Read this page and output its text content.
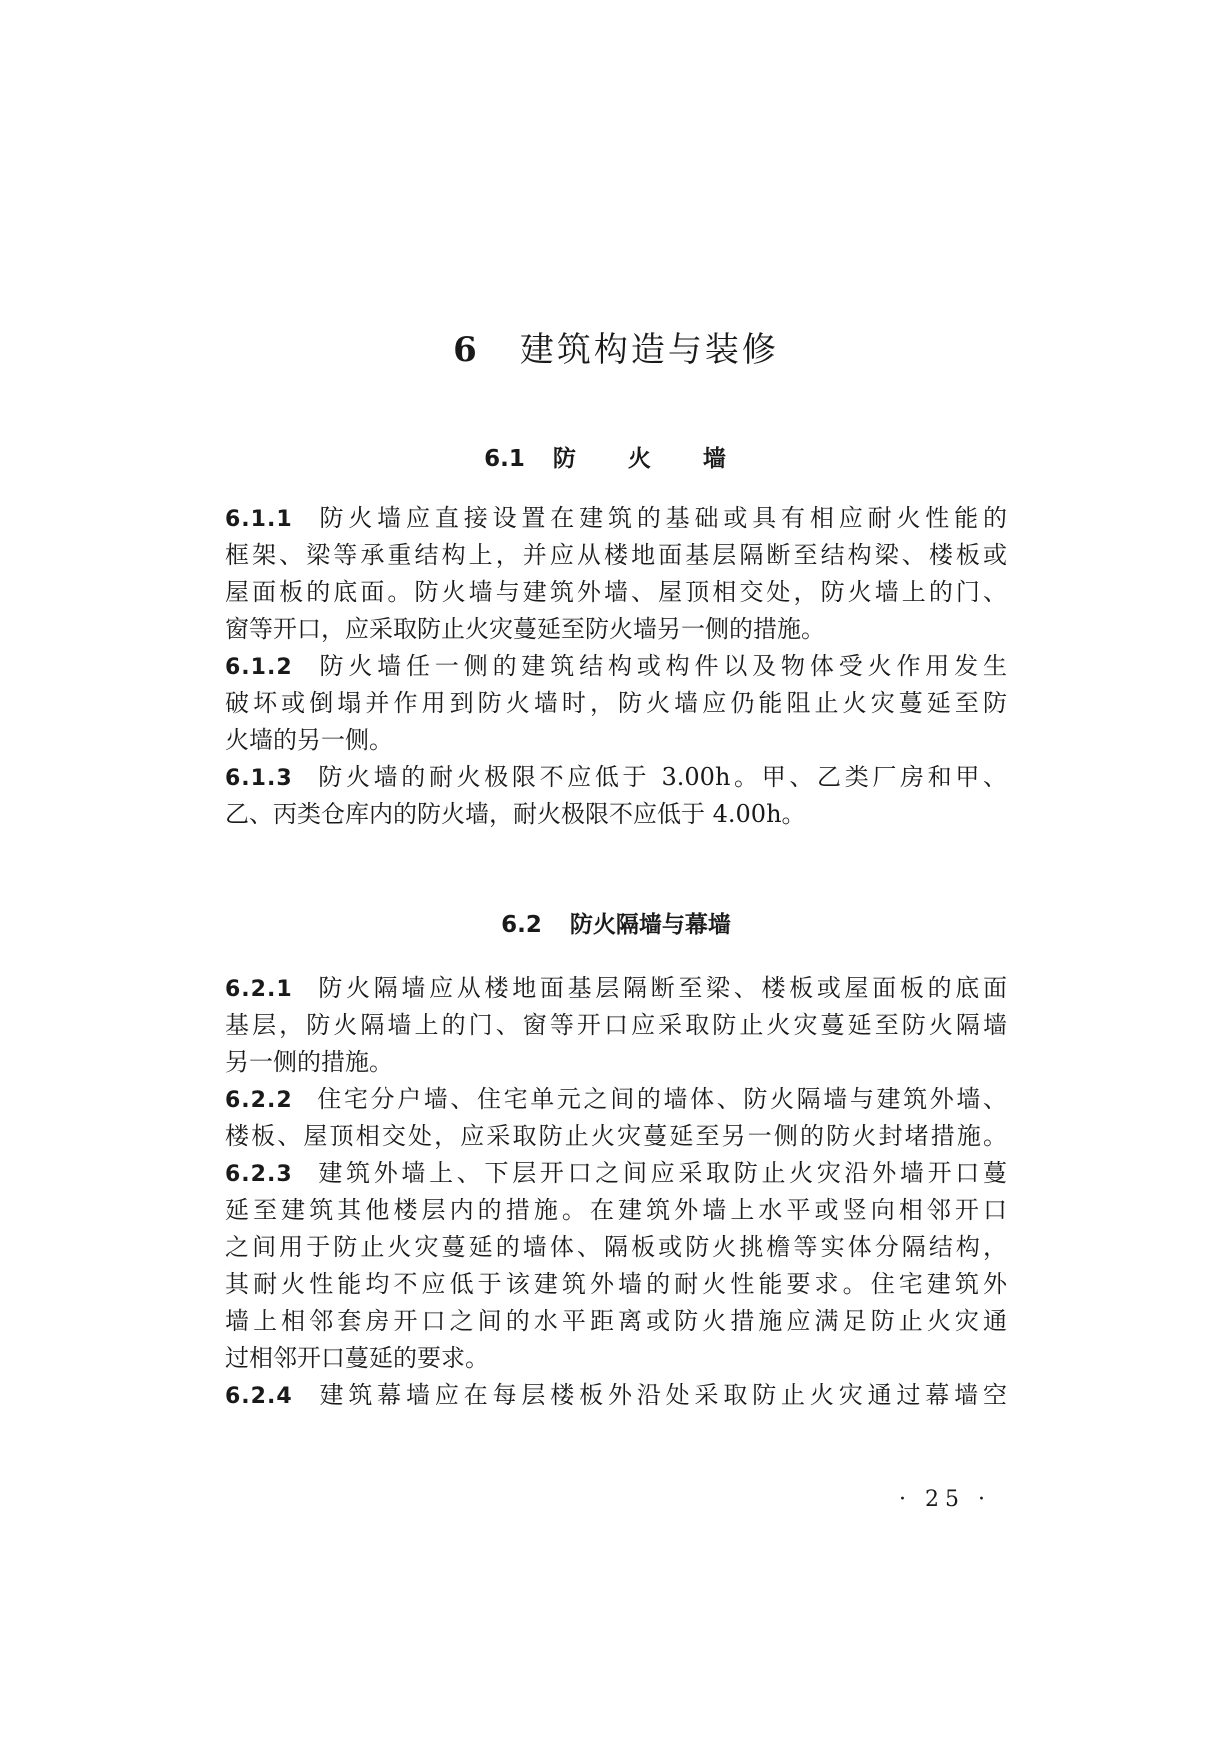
6 建筑构造与装修
6.1 防 火 墙
6.1.1 防火墙应直接设置在建筑的基础或具有相应耐火性能的
框架、梁等承重结构上，并应从楼地面基层隔断至结构梁、楼板或
屋面板的底面。防火墙与建筑外墙、屋顶相交处，防火墙上的门、
窗等开口，应采取防止火灾蔓延至防火墙另一侧的措施。
6.1.2 防火墙任一侧的建筑结构或构件以及物体受火作用发生
破坏或倒塌并作用到防火墙时，防火墙应仍能阻止火灾蔓延至防
火墙的另一侧。
6.1.3 防火墙的耐火极限不应低于 3.00h。甲、乙类厂房和甲、
乙、丙类仓库内的防火墙，耐火极限不应低于 4.00h。
6.2 防火隔墙与幕墙
6.2.1 防火隔墙应从楼地面基层隔断至梁、楼板或屋面板的底面
基层，防火隔墙上的门、窗等开口应采取防止火灾蔓延至防火隔墙
另一侧的措施。
6.2.2 住宅分户墙、住宅单元之间的墙体、防火隔墙与建筑外墙、
楼板、屋顶相交处，应采取防止火灾蔓延至另一侧的防火封堵措施。
6.2.3 建筑外墙上、下层开口之间应采取防止火灾沿外墙开口蔓
延至建筑其他楼层内的措施。在建筑外墙上水平或竖向相邻开口
之间用于防止火灾蔓延的墙体、隔板或防火挑檐等实体分隔结构，
其耐火性能均不应低于该建筑外墙的耐火性能要求。住宅建筑外
墙上相邻套房开口之间的水平距离或防火措施应满足防止火灾通
过相邻开口蔓延的要求。
6.2.4 建筑幕墙应在每层楼板外沿处采取防止火灾通过幕墙空
· 25 ·
